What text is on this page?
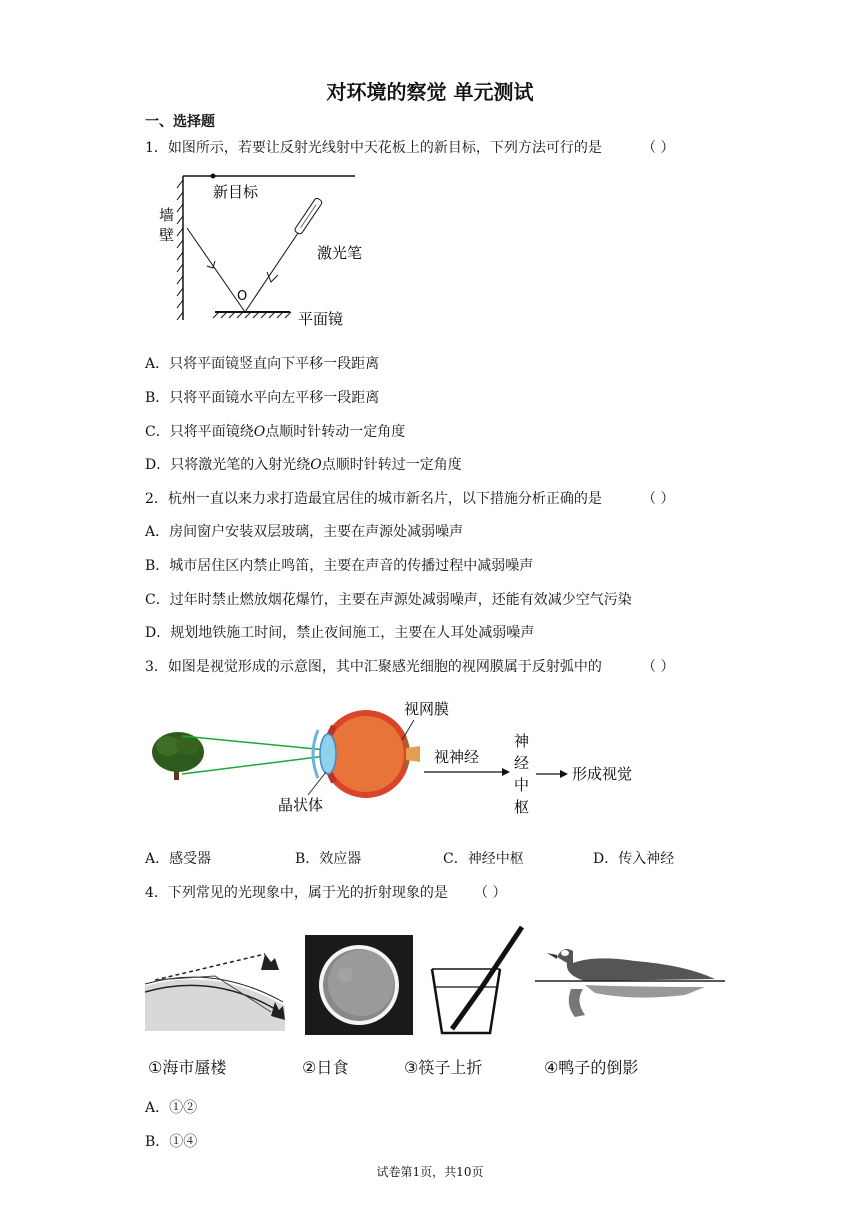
对环境的察觉 单元测试
一、选择题
1．如图所示，若要让反射光线射中天花板上的新目标，下列方法可行的是	（ ）
新目标
墙
壁
平面镜
O
激光笔
A．只将平面镜竖直向下平移一段距离
B．只将平面镜水平向左平移一段距离
C．只将平面镜绕O点顺时针转动一定角度
D．只将激光笔的入射光绕O点顺时针转过一定角度
2．杭州一直以来力求打造最宜居住的城市新名片，以下措施分析正确的是	（ ）
A．房间窗户安装双层玻璃，主要在声源处减弱噪声
B．城市居住区内禁止鸣笛，主要在声音的传播过程中减弱噪声
C．过年时禁止燃放烟花爆竹，主要在声源处减弱噪声，还能有效减少空气污染
D．规划地铁施工时间，禁止夜间施工，主要在人耳处减弱噪声
3．如图是视觉形成的示意图，其中汇聚感光细胞的视网膜属于反射弧中的	（ ）
视网膜
晶状体
视神经
神
经
中
枢
形成视觉
A．感受器	B．效应器	C．神经中枢	D．传入神经
4．下列常见的光现象中，属于光的折射现象的是 （ ）
①海市蜃楼	②日食	③筷子上折	④鸭子的倒影
A．①②
B．①④
试卷第1页，共10页
